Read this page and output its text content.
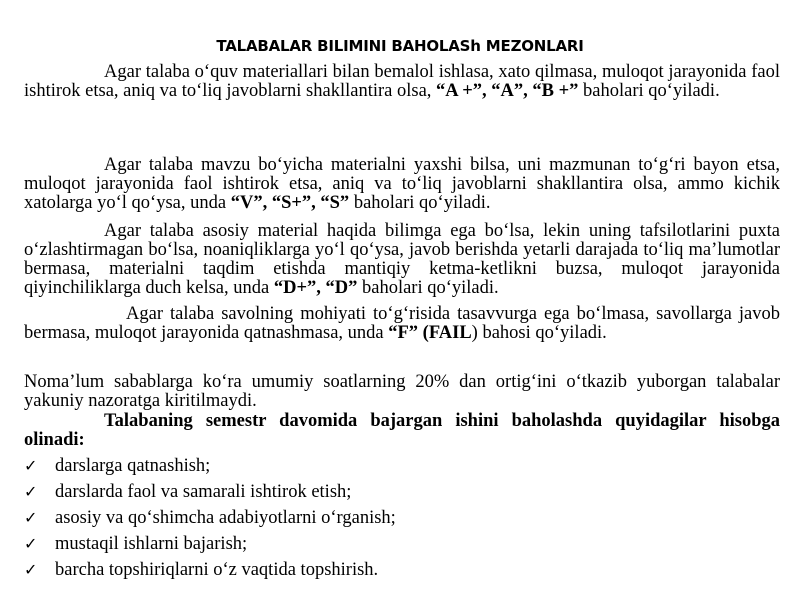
TALABALAR BILIMINI BAHOLASh MEZONLARI
Agar talaba o‘quv materiallari bilan bemalol ishlasa, xato qilmasa, muloqot jarayonida faol ishtirok etsa, aniq va to‘liq javoblarni shakllantira olsa, “A +”, “A”, “B +” baholari qo‘yiladi.
Agar talaba mavzu bo‘yicha materialni yaxshi bilsa, uni mazmunan to‘g‘ri bayon etsa, muloqot jarayonida faol ishtirok etsa, aniq va to‘liq javoblarni shakllantira olsa, ammo kichik xatolarga yo‘l qo‘ysa, unda “V”, “S+”, “S” baholari qo‘yiladi.
Agar talaba asosiy material haqida bilimga ega bo‘lsa, lekin uning tafsilotlarini puxta o‘zlashtirmagan bo‘lsa, noaniqliklarga yo‘l qo‘ysa, javob berishda yetarli darajada to‘liq ma’lumotlar bermasa, materialni taqdim etishda mantiqiy ketma-ketlikni buzsa, muloqot jarayonida qiyinchiliklarga duch kelsa, unda “D+”, “D” baholari qo‘yiladi.
Agar talaba savolning mohiyati to‘g‘risida tasavvurga ega bo‘lmasa, savollarga javob bermasa, muloqot jarayonida qatnashmasa, unda “F” (FAIL) bahosi qo‘yiladi.
Noma’lum sabablarga ko‘ra umumiy soatlarning 20% dan ortig‘ini o‘tkazib yuborgan talabalar yakuniy nazoratga kiritilmaydi.
Talabaning semestr davomida bajargan ishini baholashda quyidagilar hisobga olinadi:
✓ darslarga qatnashish;
✓ darslarda faol va samarali ishtirok etish;
✓ asosiy va qo‘shimcha adabiyotlarni o‘rganish;
✓ mustaqil ishlarni bajarish;
✓ barcha topshiriqlarni o‘z vaqtida topshirish.
